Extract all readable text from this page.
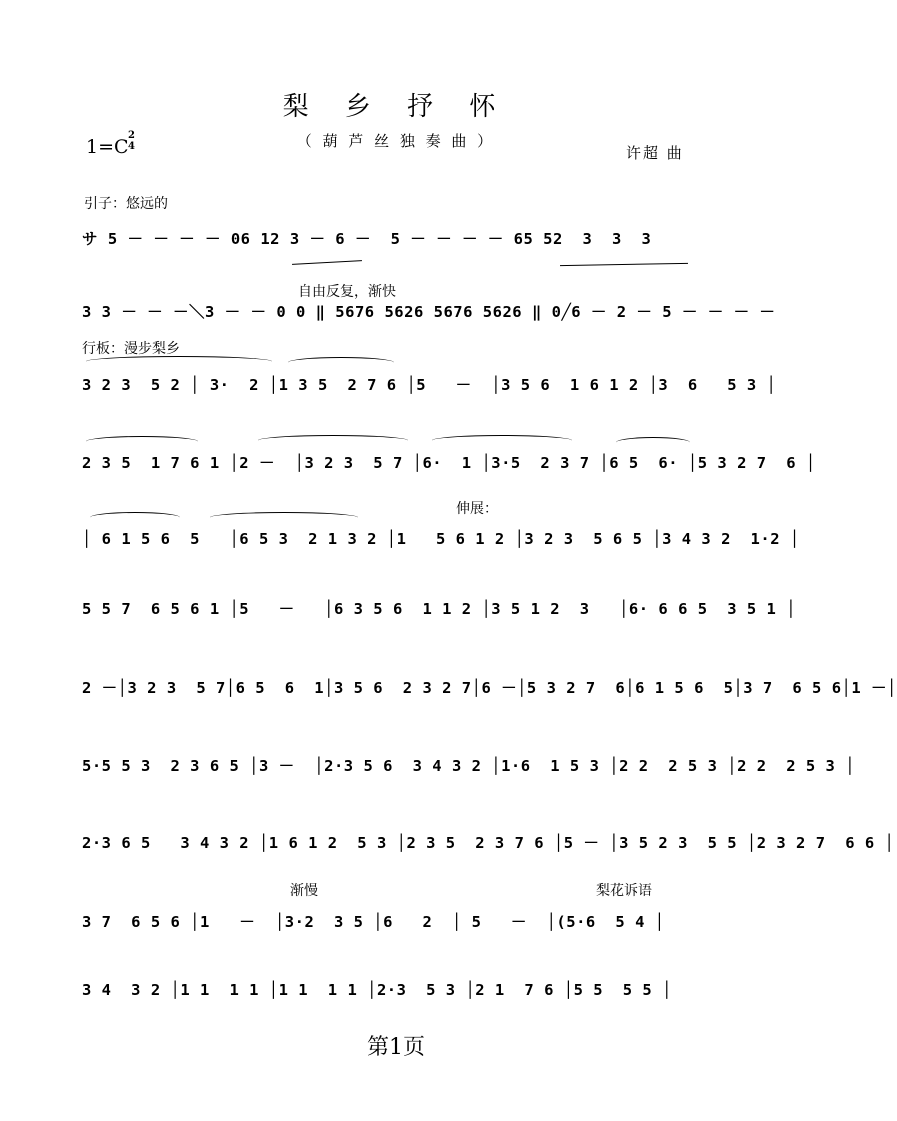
梨 乡 抒 怀
（ 葫 芦 丝 独 奏 曲 ）
1=C
2
4	许超 曲
引子：悠远的
自由反复，渐快
行板：漫步梨乡
伸展：
渐慢	梨花诉语
サ 5 － － － － 06 12 3 － 6 －  5 － － － － 65 52  3  3  3
3 3 － － －＼3 － － 0 0 ‖ 5676 5626 5676 5626 ‖ 0╱6 － 2 － 5 － － － －
3 2 3  5 2 │ 3·  2 │1 3 5  2 7 6 │5   －  │3 5 6  1 6 1 2 │3  6   5 3 │
2 3 5  1 7 6 1 │2 －  │3 2 3  5 7 │6·  1 │3·5  2 3 7 │6 5  6· │5 3 2 7  6 │
│ 6 1 5 6  5   │6 5 3  2 1 3 2 │1   5 6 1 2 │3 2 3  5 6 5 │3 4 3 2  1·2 │
5 5 7  6 5 6 1 │5   －   │6 3 5 6  1 1 2 │3 5 1 2  3   │6· 6 6 5  3 5 1 │
2 －│3 2 3  5 7│6 5  6  1│3 5 6  2 3 2 7│6 －│5 3 2 7  6│6 1 5 6  5│3 7  6 5 6│1 －│
5·5 5 3  2 3 6 5 │3 －  │2·3 5 6  3 4 3 2 │1·6  1 5 3 │2 2  2 5 3 │2 2  2 5 3 │
2·3 6 5   3 4 3 2 │1 6 1 2  5 3 │2 3 5  2 3 7 6 │5 － │3 5 2 3  5 5 │2 3 2 7  6 6 │
3 7  6 5 6 │1   －  │3·2  3 5 │6   2  │ 5   －  │(5·6  5 4 │
3 4  3 2 │1 1  1 1 │1 1  1 1 │2·3  5 3 │2 1  7 6 │5 5  5 5 │
第1页
